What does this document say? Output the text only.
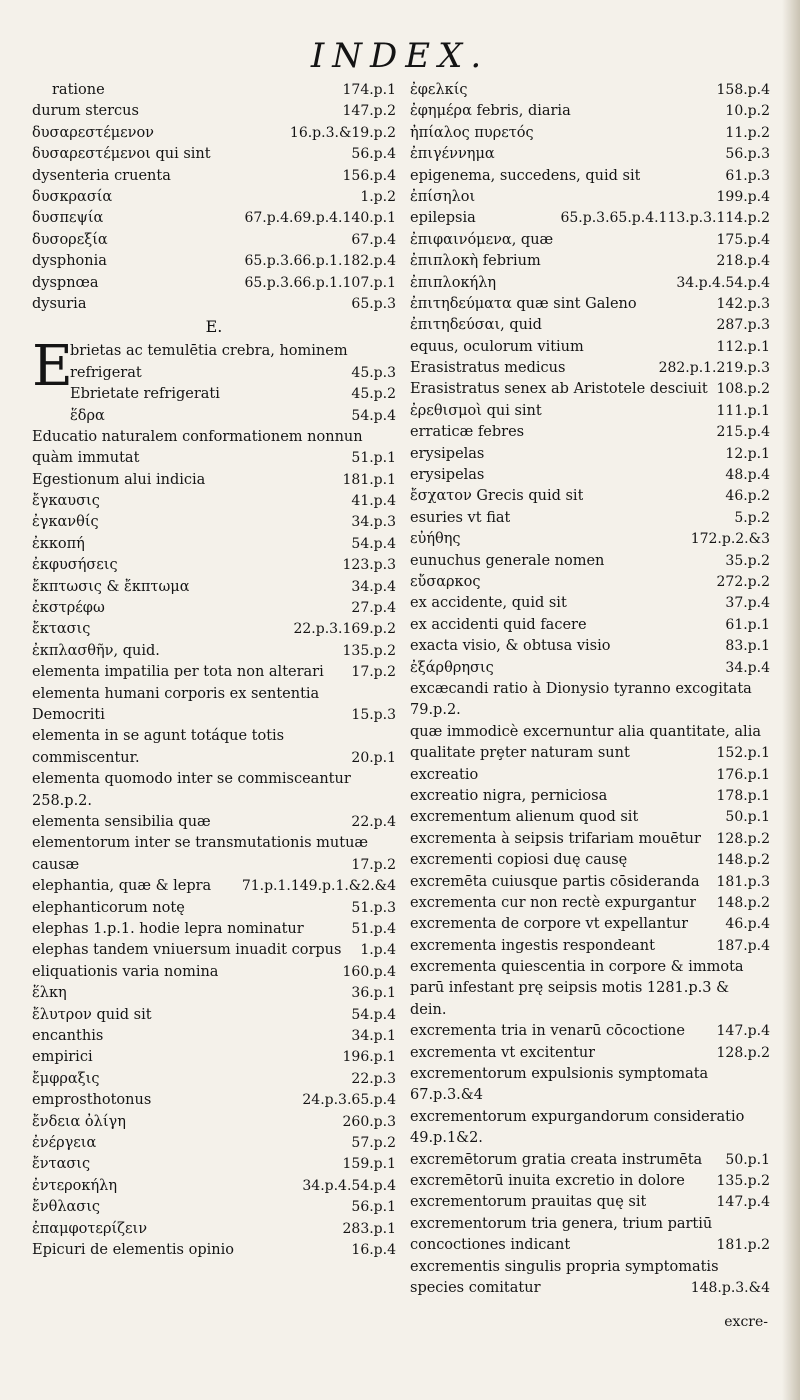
INDEX.
ratione	174.p.1
durum stercus	147.p.2
δυσαρεστέμενον	16.p.3.&19.p.2
δυσαρεστέμενοι qui sint	56.p.4
dysenteria cruenta	156.p.4
δυσκρασία	1.p.2
δυσπεψία	67.p.4.69.p.4.140.p.1
δυσορεξία	67.p.4
dysphonia	65.p.3.66.p.1.182.p.4
dyspnœa	65.p.3.66.p.1.107.p.1
dysuria	65.p.3
E.
E
brietas ac temulētia crebra, hominem refrigerat	45.p.3
Ebrietate refrigerati	45.p.2
ἕδρα	54.p.4
Educatio naturalem conformationem nonnun quàm immutat	51.p.1
Egestionum alui indicia	181.p.1
ἔγκαυσις	41.p.4
ἐγκανθίς	34.p.3
ἐκκοπή	54.p.4
ἐκφυσήσεις	123.p.3
ἔκπτωσις & ἔκπτωμα	34.p.4
ἐκστρέφω	27.p.4
ἔκτασις	22.p.3.169.p.2
ἐκπλασθῆν, quid.	135.p.2
elementa impatilia per tota non alterari	17.p.2
elementa humani corporis ex sententia Democriti	15.p.3
elementa in se agunt totáque totis commiscentur.	20.p.1
elementa quomodo inter se commisceantur 258.p.2.
elementa sensibilia quæ	22.p.4
elementorum inter se transmutationis mutuæ causæ	17.p.2
elephantia, quæ & lepra	71.p.1.149.p.1.&2.&4
elephanticorum notę	51.p.3
elephas 1.p.1. hodie lepra nominatur	51.p.4
elephas tandem vniuersum inuadit corpus	1.p.4
eliquationis varia nomina	160.p.4
ἕλκη	36.p.1
ἔλυτρον quid sit	54.p.4
encanthis	34.p.1
empirici	196.p.1
ἔμφραξις	22.p.3
emprosthotonus	24.p.3.65.p.4
ἔνδεια ὀλίγη	260.p.3
ἐνέργεια	57.p.2
ἔντασις	159.p.1
ἐντεροκήλη	34.p.4.54.p.4
ἔνθλασις	56.p.1
ἐπαμφοτερίζειν	283.p.1
Epicuri de elementis opinio	16.p.4
ἐφελκίς	158.p.4
ἐφημέρα febris, diaria	10.p.2
ἠπίαλος πυρετός	11.p.2
ἐπιγέννημα	56.p.3
epigenema, succedens, quid sit	61.p.3
ἐπίσηλοι	199.p.4
epilepsia	65.p.3.65.p.4.113.p.3.114.p.2
ἐπιφαινόμενα, quæ	175.p.4
ἐπιπλοκὴ febrium	218.p.4
ἐπιπλοκήλη	34.p.4.54.p.4
ἐπιτηδεύματα quæ sint Galeno	142.p.3
ἐπιτηδεύσαι, quid	287.p.3
equus, oculorum vitium	112.p.1
Erasistratus medicus	282.p.1.219.p.3
Erasistratus senex ab Aristotele desciuit 108.p.2
ἐρεθισμοὶ qui sint	111.p.1
erraticæ febres	215.p.4
erysipelas	12.p.1
erysipelas	48.p.4
ἔσχατον Grecis quid sit	46.p.2
esuries vt fiat	5.p.2
εὐήθης	172.p.2.&3
eunuchus generale nomen	35.p.2
εὔσαρκος	272.p.2
ex accidente, quid sit	37.p.4
ex accidenti quid facere	61.p.1
exacta visio, & obtusa visio	83.p.1
ἐξάρθρησις	34.p.4
excæcandi ratio à Dionysio tyranno excogitata 79.p.2.
quæ immodicè excernuntur alia quantitate, alia qualitate prȩter naturam sunt	152.p.1
excreatio	176.p.1
excreatio nigra, perniciosa	178.p.1
excrementum alienum quod sit	50.p.1
excrementa à seipsis trifariam mouētur	128.p.2
excrementi copiosi duę causę	148.p.2
excremēta cuiusque partis cōsideranda	181.p.3
excrementa cur non rectè expurgantur	148.p.2
excrementa de corpore vt expellantur	46.p.4
excrementa ingestis respondeant	187.p.4
excrementa quiescentia in corpore & immota parū infestant prę seipsis motis 1281.p.3 & dein.
excrementa tria in venarū cōcoctione	147.p.4
excrementa vt excitentur	128.p.2
excrementorum expulsionis symptomata 67.p.3.&4
excrementorum expurgandorum consideratio 49.p.1&2.
excremētorum gratia creata instrumēta	50.p.1
excremētorū inuita excretio in dolore	135.p.2
excrementorum prauitas quę sit	147.p.4
excrementorum tria genera, trium partiū concoctiones indicant	181.p.2
excrementis singulis propria symptomatis species comitatur	148.p.3.&4
excre-
